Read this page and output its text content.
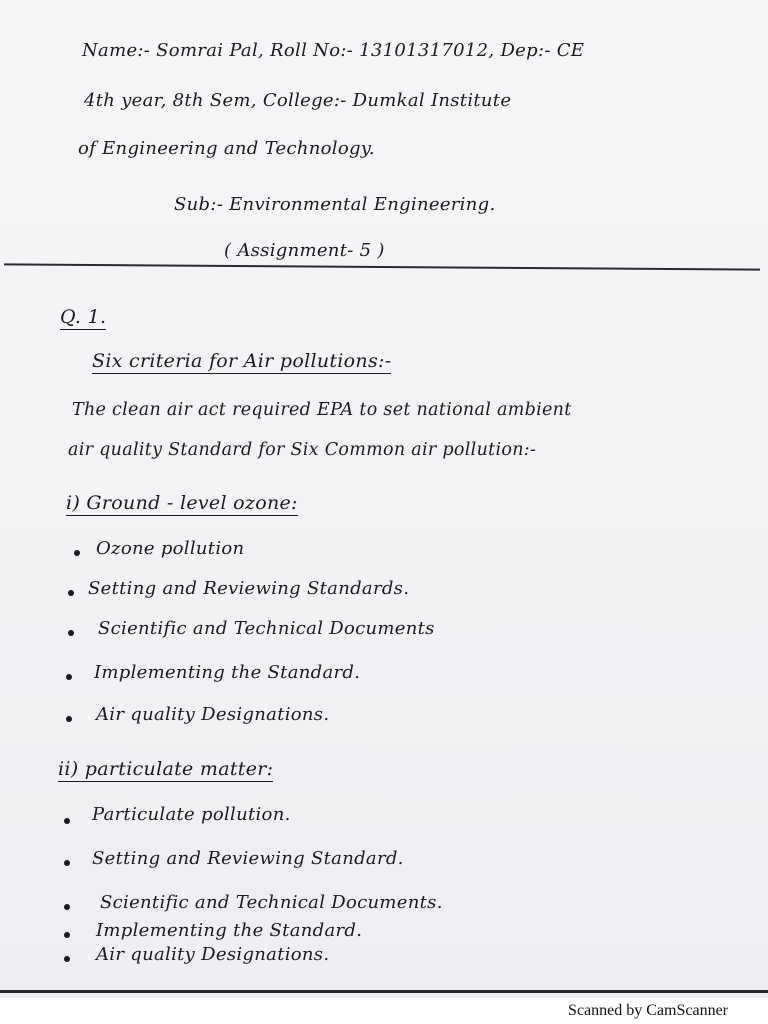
Name:- Somrai Pal, Roll No:- 13101317012, Dep:- CE
4th year, 8th Sem, College:- Dumkal Institute
of Engineering and Technology.
Sub:- Environmental Engineering.
( Assignment- 5 )
Q. 1.
Six criteria for Air pollutions:-
The clean air act required EPA to set national ambient
air quality Standard for Six Common air pollution:-
i) Ground - level ozone:
Ozone pollution
Setting and Reviewing Standards.
Scientific and Technical Documents
Implementing the Standard.
Air quality Designations.
ii) particulate matter:
Particulate pollution.
Setting and Reviewing Standard.
Scientific and Technical Documents.
Implementing the Standard.
Air quality Designations.
Scanned by CamScanner
